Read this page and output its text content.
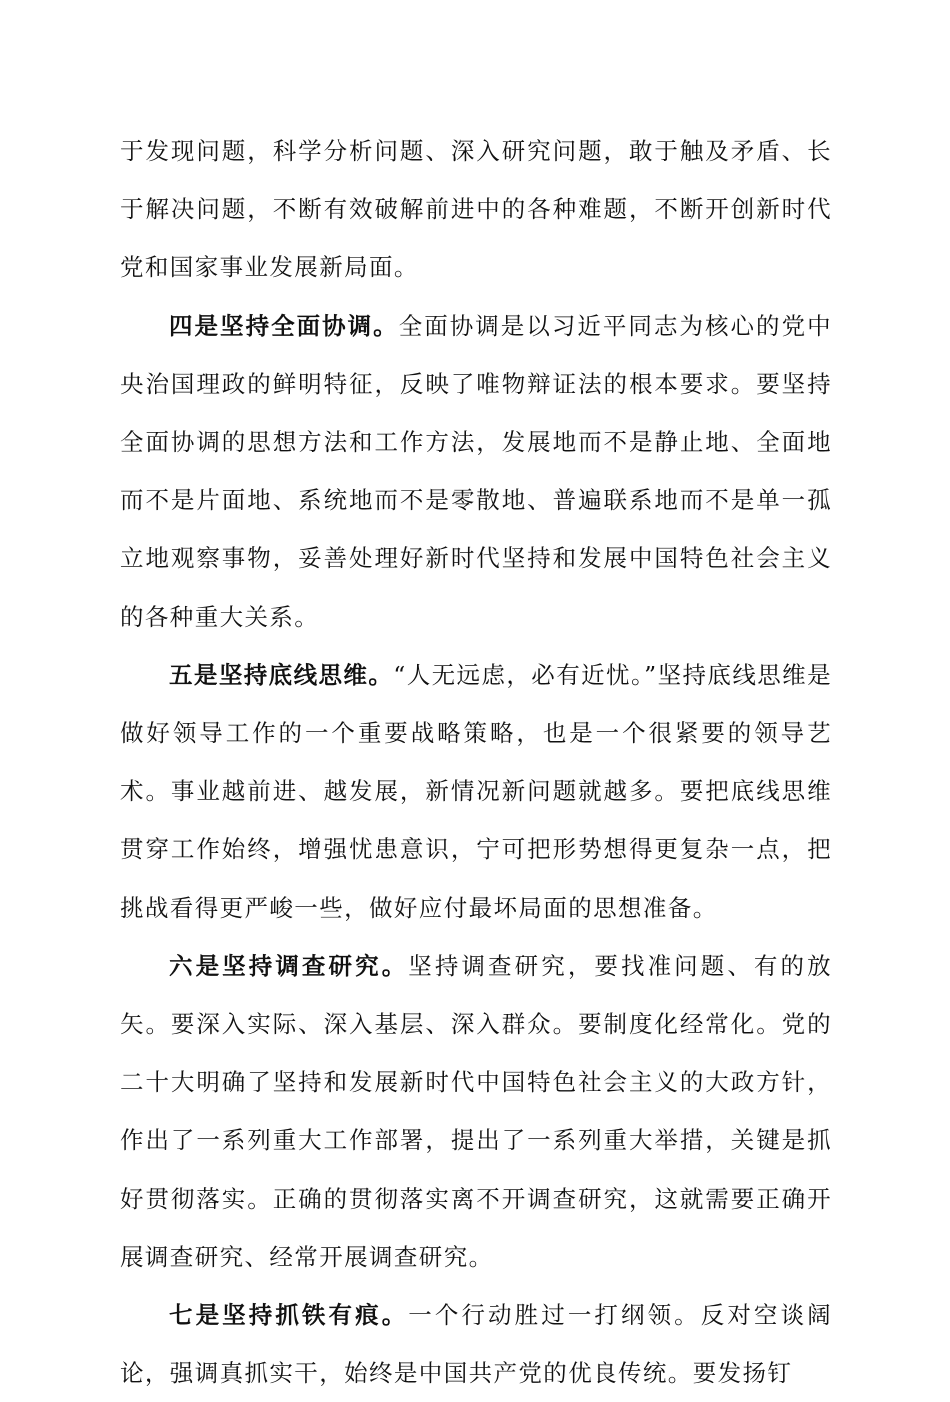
于发现问题，科学分析问题、深入研究问题，敢于触及矛盾、长于解决问题，不断有效破解前进中的各种难题，不断开创新时代党和国家事业发展新局面。

四是坚持全面协调。全面协调是以习近平同志为核心的党中央治国理政的鲜明特征，反映了唯物辩证法的根本要求。要坚持全面协调的思想方法和工作方法，发展地而不是静止地、全面地而不是片面地、系统地而不是零散地、普遍联系地而不是单一孤立地观察事物，妥善处理好新时代坚持和发展中国特色社会主义的各种重大关系。

五是坚持底线思维。“人无远虑，必有近忧。”坚持底线思维是做好领导工作的一个重要战略策略，也是一个很紧要的领导艺术。事业越前进、越发展，新情况新问题就越多。要把底线思维贯穿工作始终，增强忧患意识，宁可把形势想得更复杂一点，把挑战看得更严峻一些，做好应付最坏局面的思想准备。

六是坚持调查研究。坚持调查研究，要找准问题、有的放矢。要深入实际、深入基层、深入群众。要制度化经常化。党的二十大明确了坚持和发展新时代中国特色社会主义的大政方针，作出了一系列重大工作部署，提出了一系列重大举措，关键是抓好贯彻落实。正确的贯彻落实离不开调查研究，这就需要正确开展调查研究、经常开展调查研究。

七是坚持抓铁有痕。一个行动胜过一打纲领。反对空谈阔论，强调真抓实干，始终是中国共产党的优良传统。要发扬钉
